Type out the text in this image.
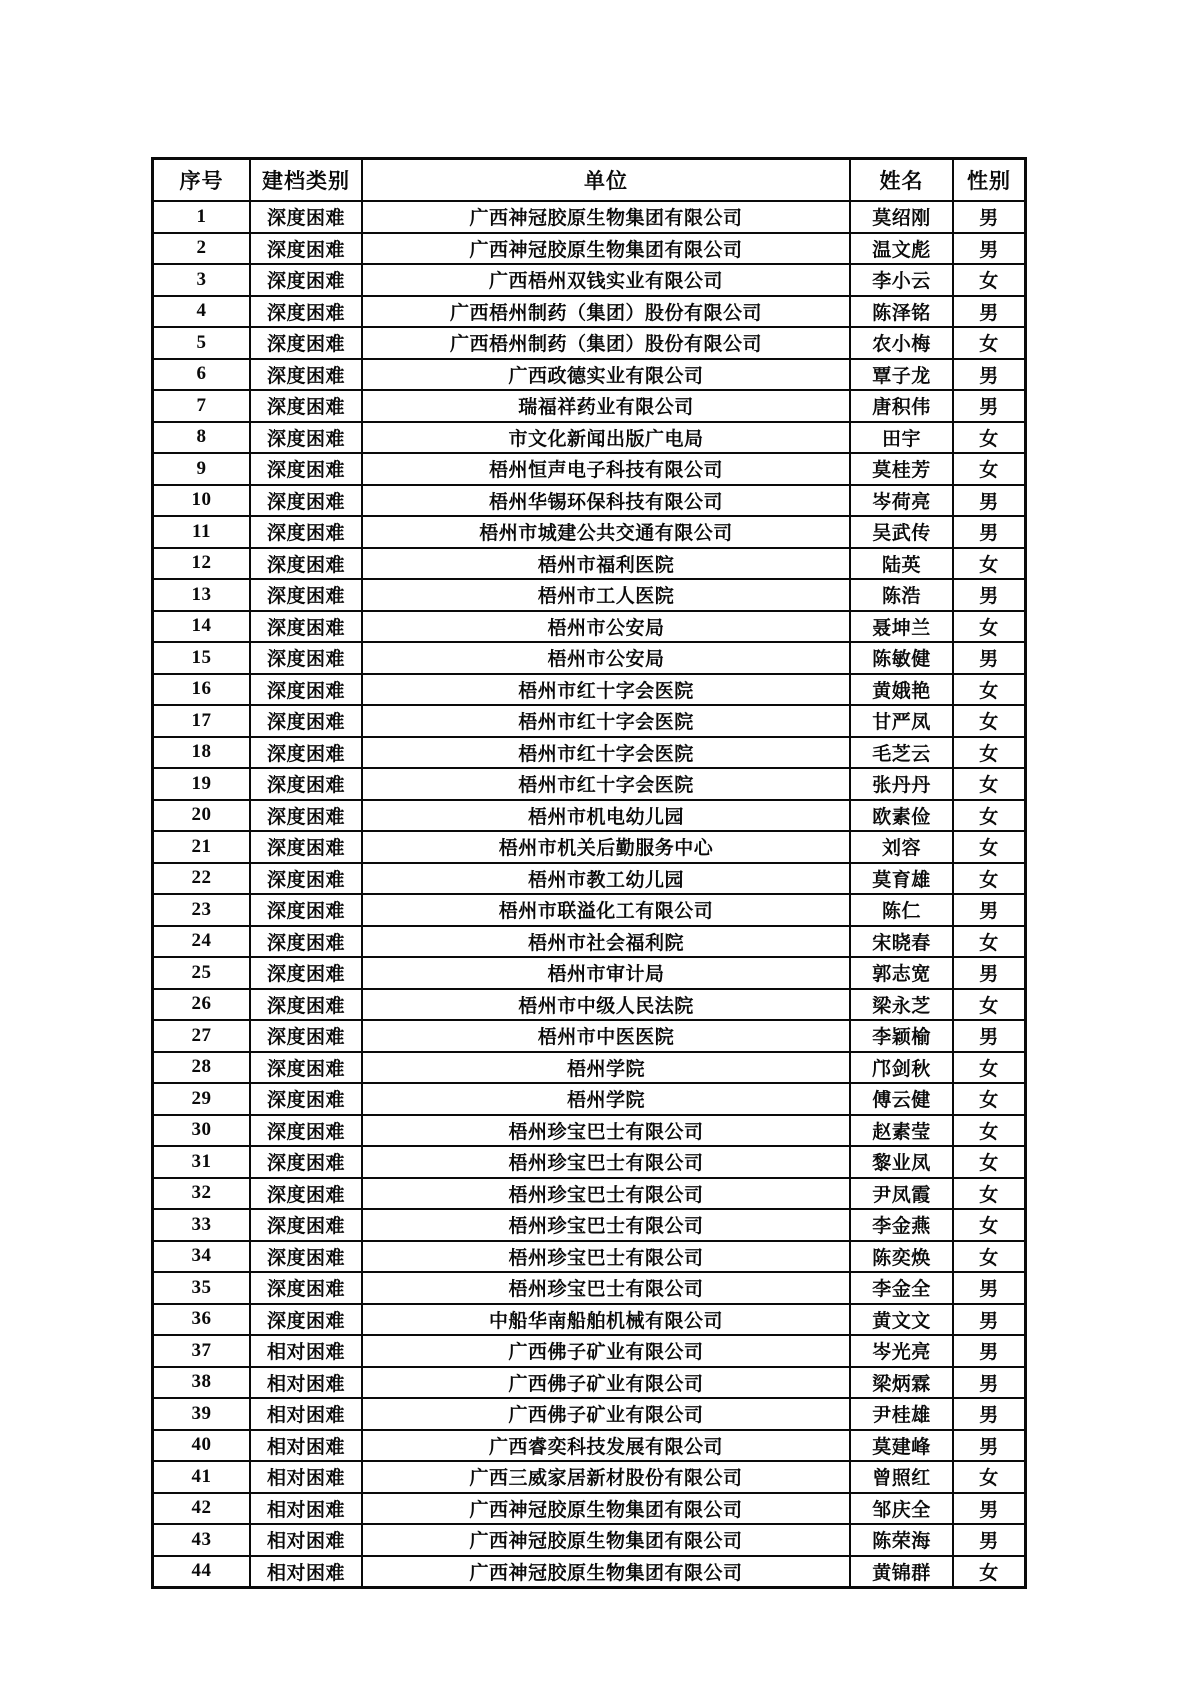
序号	建档类别	单位	姓名	性别
1	深度困难	广西神冠胶原生物集团有限公司	莫绍刚	男
2	深度困难	广西神冠胶原生物集团有限公司	温文彪	男
3	深度困难	广西梧州双钱实业有限公司	李小云	女
4	深度困难	广西梧州制药（集团）股份有限公司	陈泽铭	男
5	深度困难	广西梧州制药（集团）股份有限公司	农小梅	女
6	深度困难	广西政德实业有限公司	覃子龙	男
7	深度困难	瑞福祥药业有限公司	唐积伟	男
8	深度困难	市文化新闻出版广电局	田宇	女
9	深度困难	梧州恒声电子科技有限公司	莫桂芳	女
10	深度困难	梧州华锡环保科技有限公司	岑荷亮	男
11	深度困难	梧州市城建公共交通有限公司	吴武传	男
12	深度困难	梧州市福利医院	陆英	女
13	深度困难	梧州市工人医院	陈浩	男
14	深度困难	梧州市公安局	聂坤兰	女
15	深度困难	梧州市公安局	陈敏健	男
16	深度困难	梧州市红十字会医院	黄娥艳	女
17	深度困难	梧州市红十字会医院	甘严凤	女
18	深度困难	梧州市红十字会医院	毛芝云	女
19	深度困难	梧州市红十字会医院	张丹丹	女
20	深度困难	梧州市机电幼儿园	欧素俭	女
21	深度困难	梧州市机关后勤服务中心	刘容	女
22	深度困难	梧州市教工幼儿园	莫育雄	女
23	深度困难	梧州市联溢化工有限公司	陈仁	男
24	深度困难	梧州市社会福利院	宋晓春	女
25	深度困难	梧州市审计局	郭志宽	男
26	深度困难	梧州市中级人民法院	梁永芝	女
27	深度困难	梧州市中医医院	李颖榆	男
28	深度困难	梧州学院	邝剑秋	女
29	深度困难	梧州学院	傅云健	女
30	深度困难	梧州珍宝巴士有限公司	赵素莹	女
31	深度困难	梧州珍宝巴士有限公司	黎业凤	女
32	深度困难	梧州珍宝巴士有限公司	尹凤霞	女
33	深度困难	梧州珍宝巴士有限公司	李金燕	女
34	深度困难	梧州珍宝巴士有限公司	陈奕焕	女
35	深度困难	梧州珍宝巴士有限公司	李金全	男
36	深度困难	中船华南船舶机械有限公司	黄文文	男
37	相对困难	广西佛子矿业有限公司	岑光亮	男
38	相对困难	广西佛子矿业有限公司	梁炳霖	男
39	相对困难	广西佛子矿业有限公司	尹桂雄	男
40	相对困难	广西睿奕科技发展有限公司	莫建峰	男
41	相对困难	广西三威家居新材股份有限公司	曾照红	女
42	相对困难	广西神冠胶原生物集团有限公司	邹庆全	男
43	相对困难	广西神冠胶原生物集团有限公司	陈荣海	男
44	相对困难	广西神冠胶原生物集团有限公司	黄锦群	女
